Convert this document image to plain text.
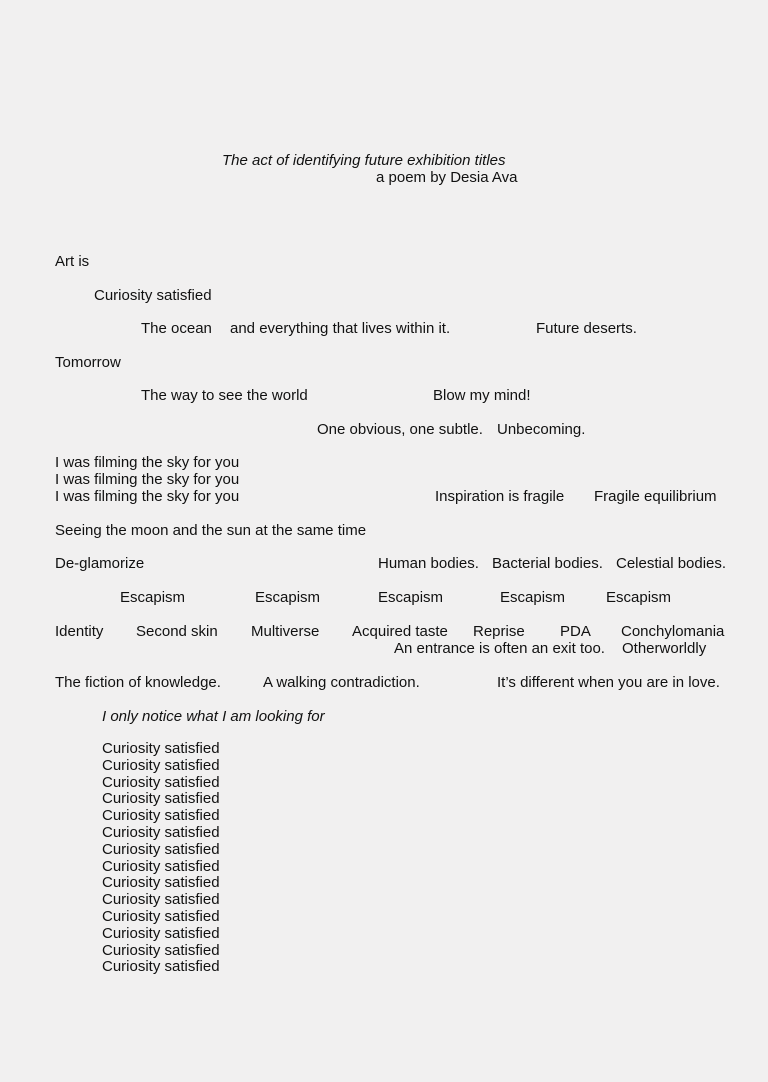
The act of identifying future exhibition titles
a poem by Desia Ava
Art is
Curiosity satisfied
The ocean and everything that lives within it.	Future deserts.
Tomorrow
The way to see the world	Blow my mind!
One obvious, one subtle. Unbecoming.
I was filming the sky for you
I was filming the sky for you
I was filming the sky for you	Inspiration is fragile Fragile equilibrium
Seeing the moon and the sun at the same time
De-glamorize	Human bodies. Bacterial bodies. Celestial bodies.
Escapism	Escapism	Escapism	Escapism	Escapism
Identity Second skin Multiverse Acquired taste Reprise PDA Conchylomania
An entrance is often an exit too. Otherworldly
The fiction of knowledge.	A walking contradiction.	It’s different when you are in love.
I only notice what I am looking for
Curiosity satisfied
Curiosity satisfied
Curiosity satisfied
Curiosity satisfied
Curiosity satisfied
Curiosity satisfied
Curiosity satisfied
Curiosity satisfied
Curiosity satisfied
Curiosity satisfied
Curiosity satisfied
Curiosity satisfied
Curiosity satisfied
Curiosity satisfied
